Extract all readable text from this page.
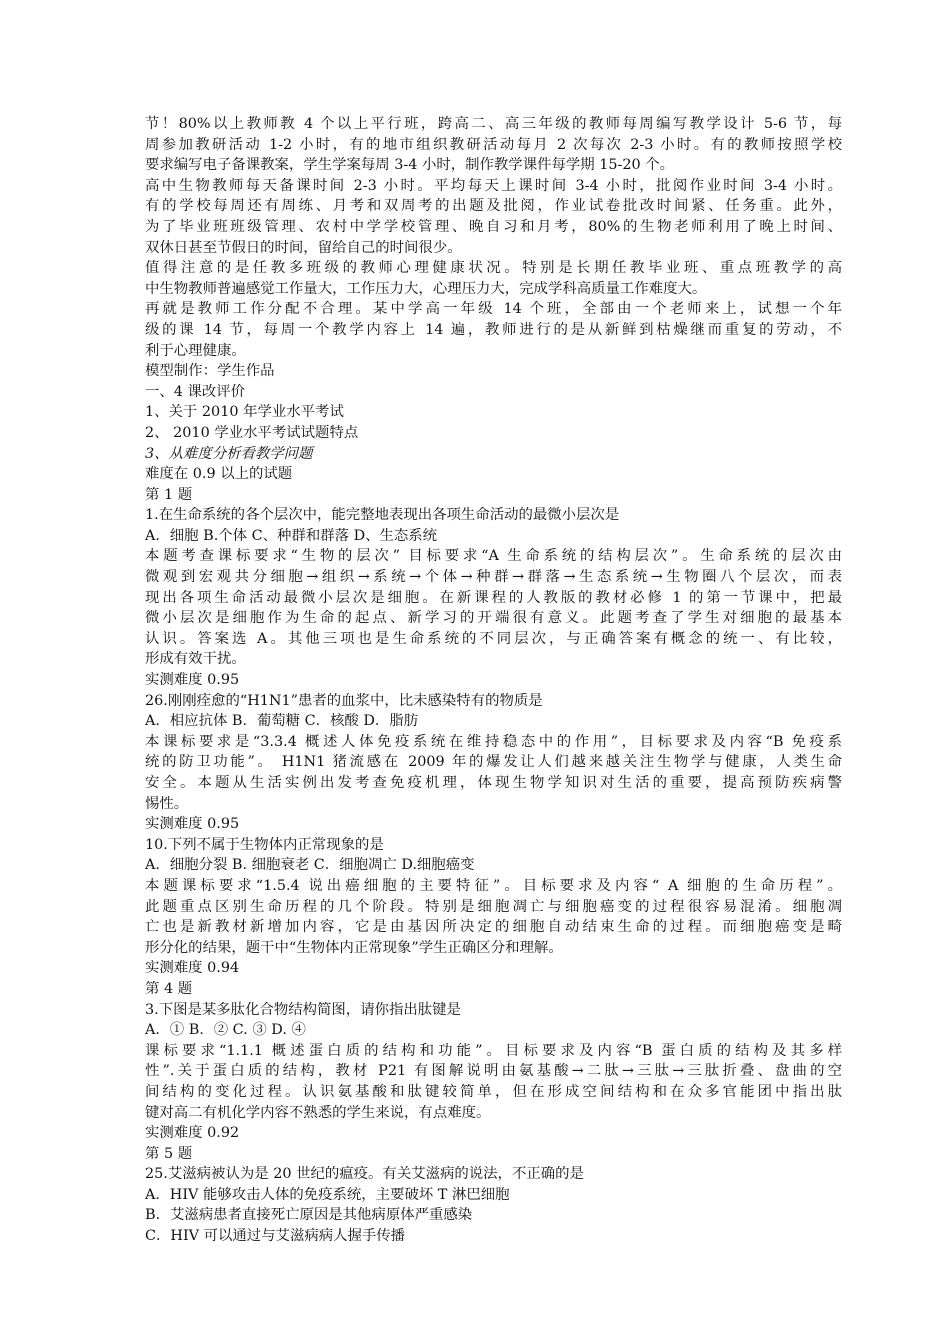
节！80%以上教师教 4 个以上平行班，跨高二、高三年级的教师每周编写教学设计 5-6 节，每
周参加教研活动 1-2 小时，有的地市组织教研活动每月 2 次每次 2-3 小时。有的教师按照学校
要求编写电子备课教案，学生学案每周 3-4 小时，制作教学课件每学期 15-20 个。
高中生物教师每天备课时间 2-3 小时。平均每天上课时间 3-4 小时，批阅作业时间 3-4 小时。
有的学校每周还有周练、月考和双周考的出题及批阅，作业试卷批改时间紧、任务重。此外，
为了毕业班班级管理、农村中学学校管理、晚自习和月考，80%的生物老师利用了晚上时间、
双休日甚至节假日的时间，留给自己的时间很少。
值得注意的是任教多班级的教师心理健康状况。特别是长期任教毕业班、重点班教学的高
中生物教师普遍感觉工作量大，工作压力大，心理压力大，完成学科高质量工作难度大。
再就是教师工作分配不合理。某中学高一年级 14 个班，全部由一个老师来上，试想一个年
级的课 14 节，每周一个教学内容上 14 遍，教师进行的是从新鲜到枯燥继而重复的劳动，不
利于心理健康。
模型制作：学生作品
一、4 课改评价
1、关于 2010 年学业水平考试
2、 2010 学业水平考试试题特点
3、从难度分析看教学问题
难度在 0.9 以上的试题
第 1 题
1.在生命系统的各个层次中，能完整地表现出各项生命活动的最微小层次是
A．细胞 B.个体 C、种群和群落 D、生态系统
本题考查课标要求“生物的层次” 目标要求“A 生命系统的结构层次”。生命系统的层次由
微观到宏观共分细胞→组织→系统→个体→种群→群落→生态系统→生物圈八个层次，而表
现出各项生命活动最微小层次是细胞。在新课程的人教版的教材必修 1 的第一节课中，把最
微小层次是细胞作为生命的起点、新学习的开端很有意义。此题考查了学生对细胞的最基本
认识。答案选 A。其他三项也是生命系统的不同层次，与正确答案有概念的统一、有比较，
形成有效干扰。
实测难度 0.95
26.刚刚痊愈的“H1N1”患者的血浆中，比未感染特有的物质是
A．相应抗体 B．葡萄糖 C．核酸 D．脂肪
本课标要求是“3.3.4 概述人体免疫系统在维持稳态中的作用”，目标要求及内容“B 免疫系
统的防卫功能”。 H1N1 猪流感在 2009 年的爆发让人们越来越关注生物学与健康，人类生命
安全。本题从生活实例出发考查免疫机理，体现生物学知识对生活的重要，提高预防疾病警
惕性。
实测难度 0.95
10.下列不属于生物体内正常现象的是
A．细胞分裂 B. 细胞衰老 C．细胞凋亡 D.细胞癌变
本题课标要求“1.5.4 说出癌细胞的主要特征”。目标要求及内容“ A 细胞的生命历程”。
此题重点区别生命历程的几个阶段。特别是细胞凋亡与细胞癌变的过程很容易混淆。细胞凋
亡也是新教材新增加内容，它是由基因所决定的细胞自动结束生命的过程。而细胞癌变是畸
形分化的结果，题干中“生物体内正常现象”学生正确区分和理解。
实测难度 0.94
第 4 题
3.下图是某多肽化合物结构简图，请你指出肽键是
A．① B．② C. ③ D. ④
课标要求“1.1.1 概述蛋白质的结构和功能”。目标要求及内容“B 蛋白质的结构及其多样
性”.关于蛋白质的结构，教材 P21 有图解说明由氨基酸→二肽→三肽→三肽折叠、盘曲的空
间结构的变化过程。认识氨基酸和肽键较简单，但在形成空间结构和在众多官能团中指出肽
键对高二有机化学内容不熟悉的学生来说，有点难度。
实测难度 0.92
第 5 题
25.艾滋病被认为是 20 世纪的瘟疫。有关艾滋病的说法，不正确的是
A．HIV 能够攻击人体的免疫系统，主要破坏 T 淋巴细胞
B．艾滋病患者直接死亡原因是其他病原体严重感染
C．HIV 可以通过与艾滋病病人握手传播
